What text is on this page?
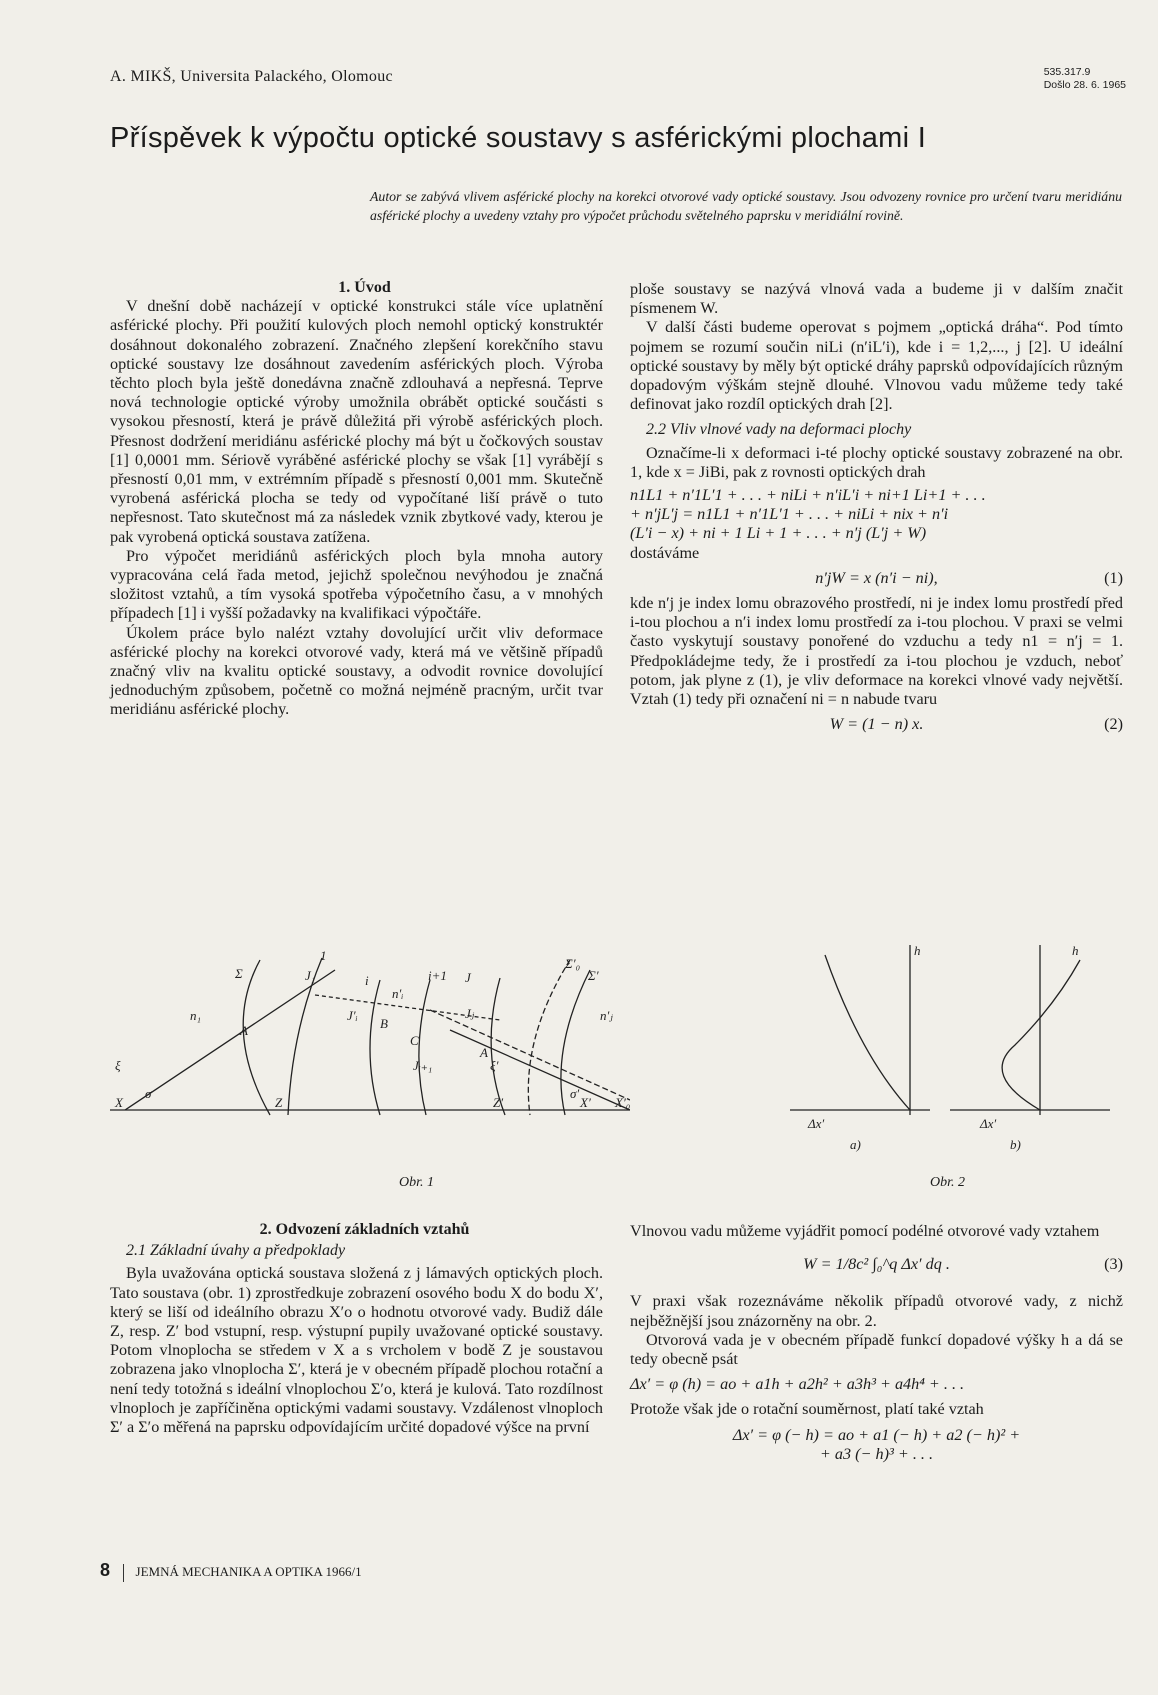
A. MIKŠ, Universita Palackého, Olomouc	535.317.9
Došlo 28. 6. 1965
Příspěvek k výpočtu optické soustavy s asférickými plochami I
Autor se zabývá vlivem asférické plochy na korekci otvorové vady optické soustavy. Jsou odvozeny rovnice pro určení tvaru meridiánu asférické plochy a uvedeny vztahy pro výpočet průchodu světelného paprsku v meridiální rovině.

1. Úvod

V dnešní době nacházejí v optické konstrukci stále více uplatnění asférické plochy. Při použití kulových ploch nemohl optický konstruktér dosáhnout dokonalého zobrazení. Značného zlepšení korekčního stavu optické soustavy lze dosáhnout zavedením asférických ploch. Výroba těchto ploch byla ještě donedávna značně zdlouhavá a nepřesná. Teprve nová technologie optické výroby umožnila obrábět optické součásti s vysokou přesností, která je právě důležitá při výrobě asférických ploch. Přesnost dodržení meridiánu asférické plochy má být u čočkových soustav [1] 0,0001 mm. Sériově vyráběné asférické plochy se však [1] vyrábějí s přesností 0,01 mm, v extrémním případě s přesností 0,001 mm. Skutečně vyrobená asférická plocha se tedy od vypočítané liší právě o tuto nepřesnost. Tato skutečnost má za následek vznik zbytkové vady, kterou je pak vyrobená optická soustava zatížena.

Pro výpočet meridiánů asférických ploch byla mnoha autory vypracována celá řada metod, jejichž společnou nevýhodou je značná složitost vztahů, a tím vysoká spotřeba výpočetního času, a v mnohých případech [1] i vyšší požadavky na kvalifikaci výpočtáře.

Úkolem práce bylo nalézt vztahy dovolující určit vliv deformace asférické plochy na korekci otvorové vady, která má ve většině případů značný vliv na kvalitu optické soustavy, a odvodit rovnice dovolující jednoduchým způsobem, početně co možná nejméně pracným, určit tvar meridiánu asférické plochy.

ploše soustavy se nazývá vlnová vada a budeme ji v dalším značit písmenem W.

V další části budeme operovat s pojmem „optická dráha“. Pod tímto pojmem se rozumí součin niLi (n′iL′i), kde i = 1,2,..., j [2]. U ideální optické soustavy by měly být optické dráhy paprsků odpovídajících různým dopadovým výškám stejně dlouhé. Vlnovou vadu můžeme tedy také definovat jako rozdíl optických drah [2].

2.2 Vliv vlnové vady na deformaci plochy

Označíme-li x deformaci i-té plochy optické soustavy zobrazené na obr. 1, kde x = JiBi, pak z rovnosti optických drah

n1L1 + n′1L′1 + . . . + niLi + n′iL′i + ni+1 Li+1 + . . .
+ n′jL′j = n1L1 + n′1L′1 + . . . + niLi + nix + n′i
(L′i − x) + ni + 1 Li + 1 + . . . + n′j (L′j + W)

dostáváme

n′jW = x (n′i − ni),	(1)

kde n′j je index lomu obrazového prostředí, ni je index lomu prostředí před i-tou plochou a n′i index lomu prostředí za i-tou plochou. V praxi se velmi často vyskytují soustavy ponořené do vzduchu a tedy n1 = n′j = 1. Předpokládejme tedy, že i prostředí za i-tou plochou je vzduch, neboť potom, jak plyne z (1), je vliv deformace na korekci vlnové vady největší. Vztah (1) tedy při označení ni = n nabude tvaru

W = (1 − n) x.	(2)
Σ
n₁
A
J₁
1
i
n′ᵢ
i+1 J
Σ′₀
Σ′
n′ⱼ
ξ	ξ′
X
σ
Z
J′ᵢ
B
C
Jᵢ₊₁
Jⱼ
A
Z′
σ′
X′ X′₀
Obr. 1
h
Δx′
a)
h
Δx′
b)
Obr. 2

2. Odvození základních vztahů

2.1 Základní úvahy a předpoklady

Byla uvažována optická soustava složená z j lámavých optických ploch. Tato soustava (obr. 1) zprostředkuje zobrazení osového bodu X do bodu X′, který se liší od ideálního obrazu X′o o hodnotu otvorové vady. Budiž dále Z, resp. Z′ bod vstupní, resp. výstupní pupily uvažované optické soustavy. Potom vlnoplocha se středem v X a s vrcholem v bodě Z je soustavou zobrazena jako vlnoplocha Σ′, která je v obecném případě plochou rotační a není tedy totožná s ideální vlnoplochou Σ′o, která je kulová. Tato rozdílnost vlnoploch je zapříčiněna optickými vadami soustavy. Vzdálenost vlnoploch Σ′ a Σ′o měřená na paprsku odpovídajícím určité dopadové výšce na první

Vlnovou vadu můžeme vyjádřit pomocí podélné otvorové vady vztahem

W = 1/8c² ∫₀^q Δx′ dq .	(3)

V praxi však rozeznáváme několik případů otvorové vady, z nichž nejběžnější jsou znázorněny na obr. 2.

Otvorová vada je v obecném případě funkcí dopadové výšky h a dá se tedy obecně psát

Δx′ = φ (h) = ao + a1h + a2h² + a3h³ + a4h⁴ + . . .

Protože však jde o rotační souměrnost, platí také vztah

Δx′ = φ (− h) = ao + a1 (− h) + a2 (− h)² +
+ a3 (− h)³ + . . .
8 JEMNÁ MECHANIKA A OPTIKA 1966/1
